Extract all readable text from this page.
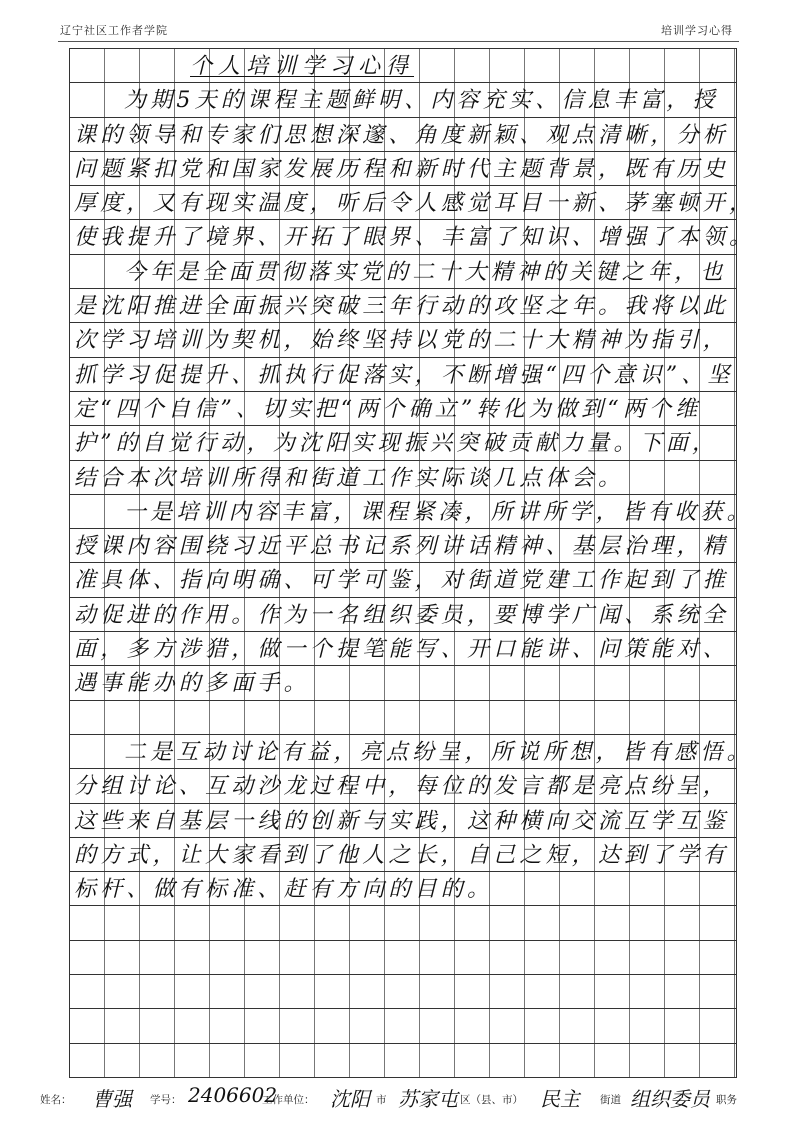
辽宁社区工作者学院	培训学习心得
个人培训学习心得
为期5天的课程主题鲜明、内容充实、信息丰富，授
课的领导和专家们思想深邃、角度新颖、观点清晰，分析
问题紧扣党和国家发展历程和新时代主题背景，既有历史
厚度，又有现实温度，听后令人感觉耳目一新、茅塞顿开，
使我提升了境界、开拓了眼界、丰富了知识、增强了本领。
今年是全面贯彻落实党的二十大精神的关键之年，也
是沈阳推进全面振兴突破三年行动的攻坚之年。我将以此
次学习培训为契机，始终坚持以党的二十大精神为指引，
抓学习促提升、抓执行促落实，不断增强“四个意识”、坚
定“四个自信”、切实把“两个确立”转化为做到“两个维
护”的自觉行动，为沈阳实现振兴突破贡献力量。下面，
结合本次培训所得和街道工作实际谈几点体会。
一是培训内容丰富，课程紧凑，所讲所学，皆有收获。
授课内容围绕习近平总书记系列讲话精神、基层治理，精
准具体、指向明确、可学可鉴，对街道党建工作起到了推
动促进的作用。作为一名组织委员，要博学广闻、系统全
面，多方涉猎，做一个提笔能写、开口能讲、问策能对、
遇事能办的多面手。
二是互动讨论有益，亮点纷呈，所说所想，皆有感悟。
分组讨论、互动沙龙过程中，每位的发言都是亮点纷呈，
这些来自基层一线的创新与实践，这种横向交流互学互鉴
的方式，让大家看到了他人之长，自己之短，达到了学有
标杆、做有标准、赶有方向的目的。
姓名： 曹强 学号： 2406602
工作单位： 沈阳 市 苏家屯 区（县、市） 民主 街道 组织委员 职务
